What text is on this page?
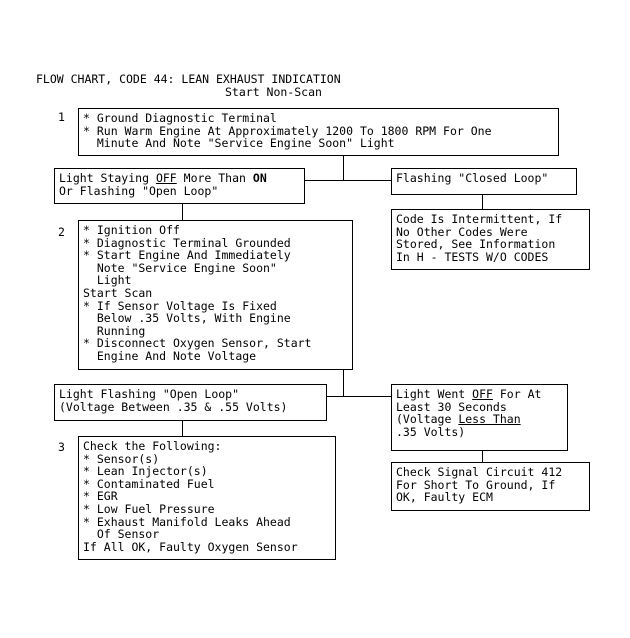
FLOW CHART, CODE 44: LEAN EXHAUST INDICATION
Start Non-Scan
1
2
3
* Ground Diagnostic Terminal
* Run Warm Engine At Approximately 1200 To 1800 RPM For One
Minute And Note "Service Engine Soon" Light
Light Staying OFF More Than ON
Or Flashing "Open Loop"
Flashing "Closed Loop"
Code Is Intermittent, If
No Other Codes Were
Stored, See Information
In H - TESTS W/O CODES
* Ignition Off
* Diagnostic Terminal Grounded
* Start Engine And Immediately
Note "Service Engine Soon"
Light
Start Scan
* If Sensor Voltage Is Fixed
Below .35 Volts, With Engine
Running
* Disconnect Oxygen Sensor, Start
Engine And Note Voltage
Light Flashing "Open Loop"
(Voltage Between .35 & .55 Volts)
Light Went OFF For At
Least 30 Seconds
(Voltage Less Than
.35 Volts)
Check the Following:
* Sensor(s)
* Lean Injector(s)
* Contaminated Fuel
* EGR
* Low Fuel Pressure
* Exhaust Manifold Leaks Ahead
Of Sensor
If All OK, Faulty Oxygen Sensor
Check Signal Circuit 412
For Short To Ground, If
OK, Faulty ECM
